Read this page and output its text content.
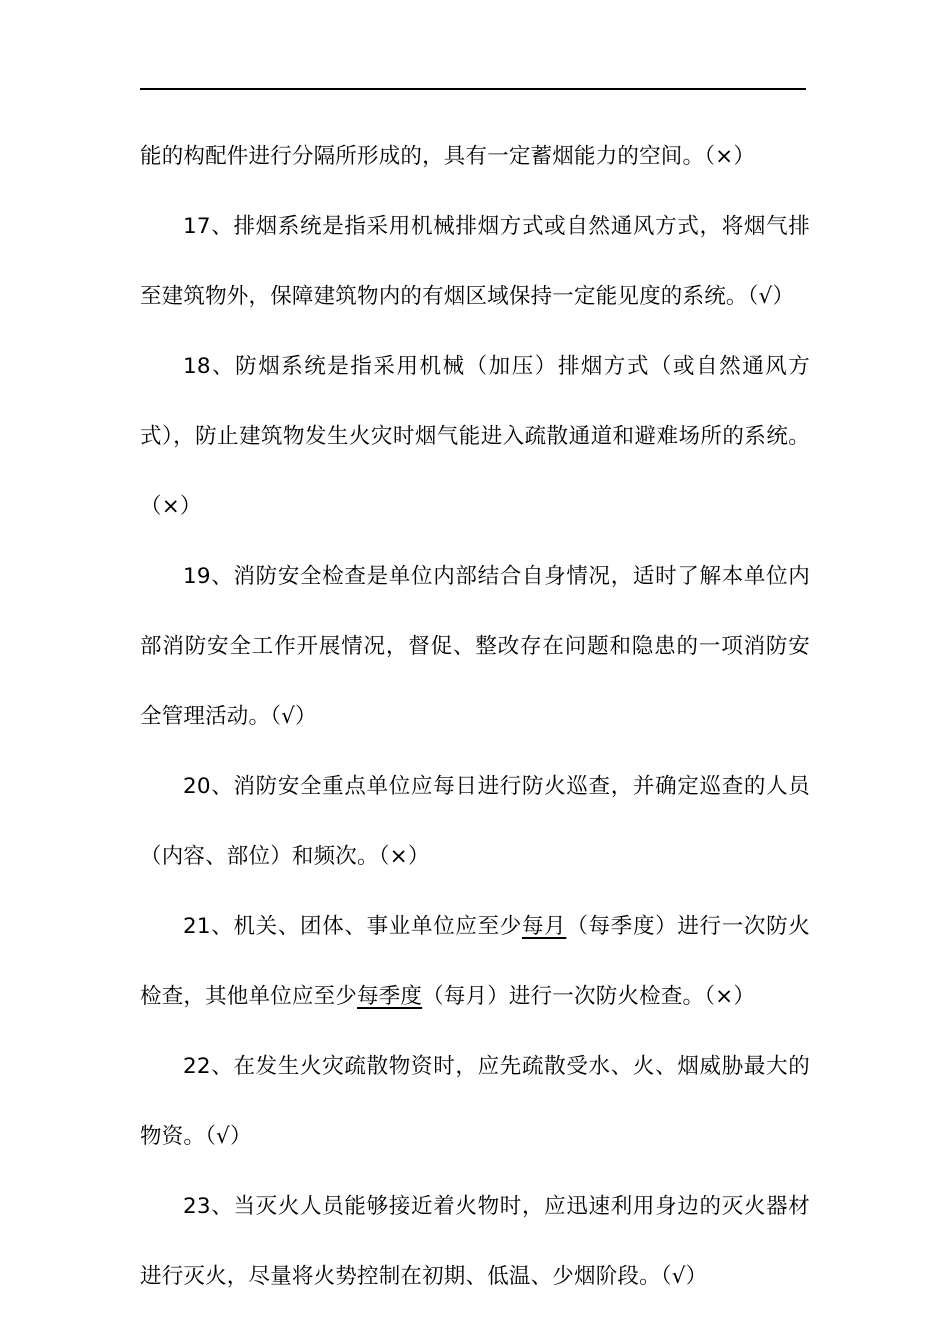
能的构配件进行分隔所形成的，具有一定蓄烟能力的空间。（×）

17、排烟系统是指采用机械排烟方式或自然通风方式，将烟气排至建筑物外，保障建筑物内的有烟区域保持一定能见度的系统。（√）

18、防烟系统是指采用机械（加压）排烟方式（或自然通风方式），防止建筑物发生火灾时烟气能进入疏散通道和避难场所的系统。（×）

19、消防安全检查是单位内部结合自身情况，适时了解本单位内部消防安全工作开展情况，督促、整改存在问题和隐患的一项消防安全管理活动。（√）

20、消防安全重点单位应每日进行防火巡查，并确定巡查的人员（内容、部位）和频次。（×）

21、机关、团体、事业单位应至少每月（每季度）进行一次防火检查，其他单位应至少每季度（每月）进行一次防火检查。（×）

22、在发生火灾疏散物资时，应先疏散受水、火、烟威胁最大的物资。（√）

23、当灭火人员能够接近着火物时，应迅速利用身边的灭火器材进行灭火，尽量将火势控制在初期、低温、少烟阶段。（√）
